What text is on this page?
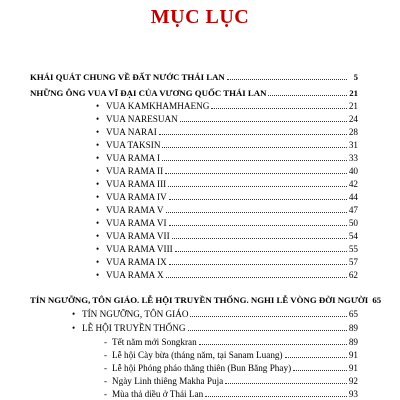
MỤC LỤC
KHÁI QUÁT CHUNG VỀ ĐẤT NƯỚC THÁI LAN	5
NHỮNG ÔNG VUA VĨ ĐẠI CỦA VƯƠNG QUỐC THÁI LAN	21
• VUA KAMKHAMHAENG	21
• VUA NARESUAN	24
• VUA NARAI	28
• VUA TAKSIN	31
• VUA RAMA I	33
• VUA RAMA II	40
• VUA RAMA III	42
• VUA RAMA IV	44
• VUA RAMA V	47
• VUA RAMA VI	50
• VUA RAMA VII	54
• VUA RAMA VIII	55
• VUA RAMA IX	57
• VUA RAMA X	62
TÍN NGƯỠNG, TÔN GIÁO. LỄ HỘI TRUYỀN THỐNG. NGHI LỄ VÒNG ĐỜI NGƯỜI 65
• TÍN NGƯỠNG, TÔN GIÁO	65
• LỄ HỘI TRUYỀN THỐNG	89
- Tết năm mới Songkran	89
- Lễ hội Cày bừa (tháng năm, tại Sanam Luang)	91
- Lễ hội Phóng pháo thăng thiên (Bun Băng Phay)	91
- Ngày Linh thiêng Makha Puja	92
- Mùa thả diều ở Thái Lan	93
